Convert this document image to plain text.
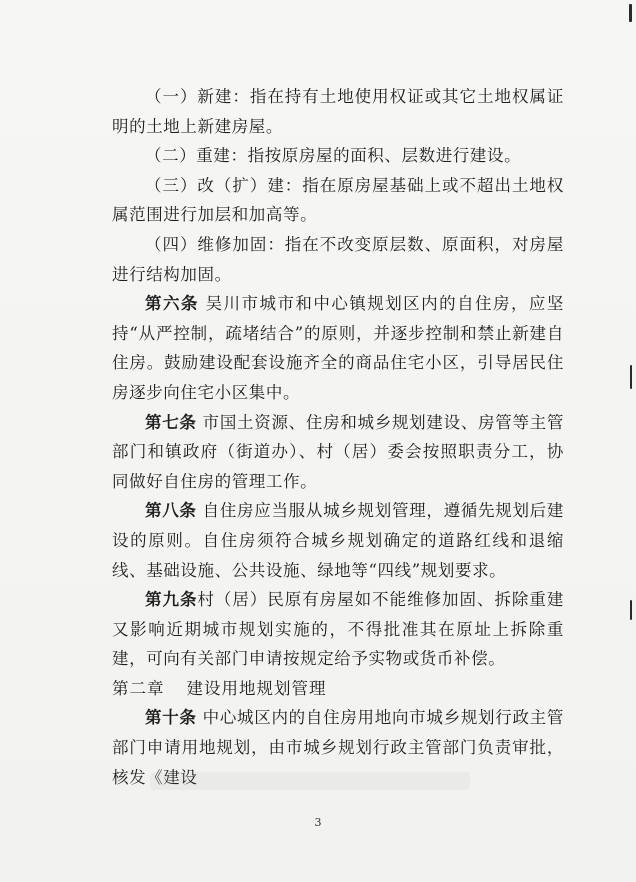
（一）新建：指在持有土地使用权证或其它土地权属证明的土地上新建房屋。

（二）重建：指按原房屋的面积、层数进行建设。

（三）改（扩）建：指在原房屋基础上或不超出土地权属范围进行加层和加高等。

（四）维修加固：指在不改变原层数、原面积，对房屋进行结构加固。

第六条 吴川市城市和中心镇规划区内的自住房，应坚持“从严控制，疏堵结合”的原则，并逐步控制和禁止新建自住房。鼓励建设配套设施齐全的商品住宅小区，引导居民住房逐步向住宅小区集中。

第七条 市国土资源、住房和城乡规划建设、房管等主管部门和镇政府（街道办）、村（居）委会按照职责分工，协同做好自住房的管理工作。

第八条 自住房应当服从城乡规划管理，遵循先规划后建设的原则。自住房须符合城乡规划确定的道路红线和退缩线、基础设施、公共设施、绿地等“四线”规划要求。

第九条村（居）民原有房屋如不能维修加固、拆除重建又影响近期城市规划实施的，不得批准其在原址上拆除重建，可向有关部门申请按规定给予实物或货币补偿。

第二章 建设用地规划管理

第十条 中心城区内的自住房用地向市城乡规划行政主管部门申请用地规划，由市城乡规划行政主管部门负责审批，核发《建设

3
